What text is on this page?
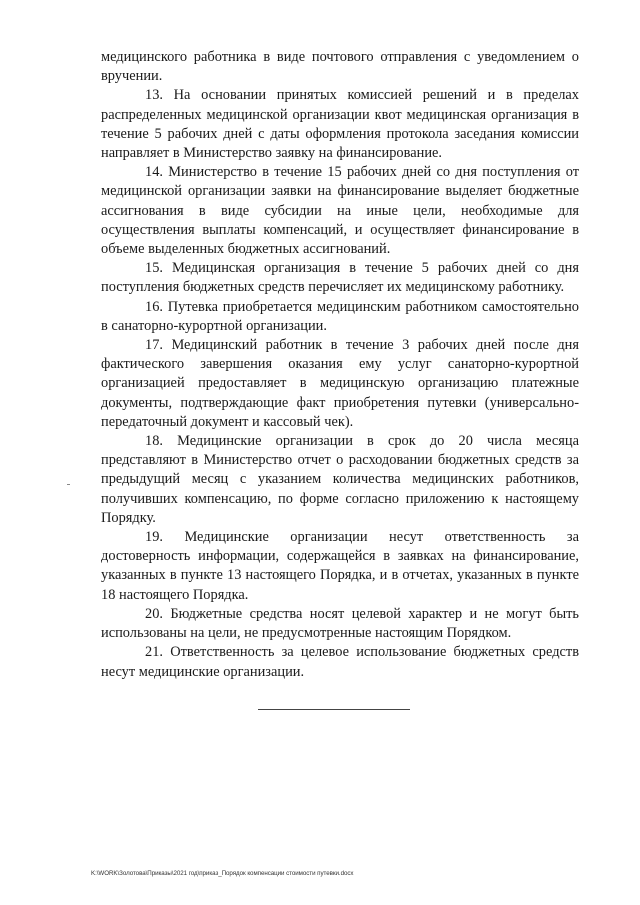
медицинского работника в виде почтового отправления с уведомлением о вручении.

13. На основании принятых комиссией решений и в пределах распределенных медицинской организации квот медицинская организация в течение 5 рабочих дней с даты оформления протокола заседания комиссии направляет в Министерство заявку на финансирование.

14. Министерство в течение 15 рабочих дней со дня поступления от медицинской организации заявки на финансирование выделяет бюджетные ассигнования в виде субсидии на иные цели, необходимые для осуществления выплаты компенсаций, и осуществляет финансирование в объеме выделенных бюджетных ассигнований.

15. Медицинская организация в течение 5 рабочих дней со дня поступления бюджетных средств перечисляет их медицинскому работнику.

16. Путевка приобретается медицинским работником самостоятельно в санаторно-курортной организации.

17. Медицинский работник в течение 3 рабочих дней после дня фактического завершения оказания ему услуг санаторно-курортной организацией предоставляет в медицинскую организацию платежные документы, подтверждающие факт приобретения путевки (универсально-передаточный документ и кассовый чек).

18. Медицинские организации в срок до 20 числа месяца представляют в Министерство отчет о расходовании бюджетных средств за предыдущий месяц с указанием количества медицинских работников, получивших компенсацию, по форме согласно приложению к настоящему Порядку.

19. Медицинские организации несут ответственность за достоверность информации, содержащейся в заявках на финансирование, указанных в пункте 13 настоящего Порядка, и в отчетах, указанных в пункте 18 настоящего Порядка.

20. Бюджетные средства носят целевой характер и не могут быть использованы на цели, не предусмотренные настоящим Порядком.

21. Ответственность за целевое использование бюджетных средств несут медицинские организации.

K:\WORK\Золотова\Приказы\2021 год\приказ_Порядок компенсации стоимости путевки.docx
